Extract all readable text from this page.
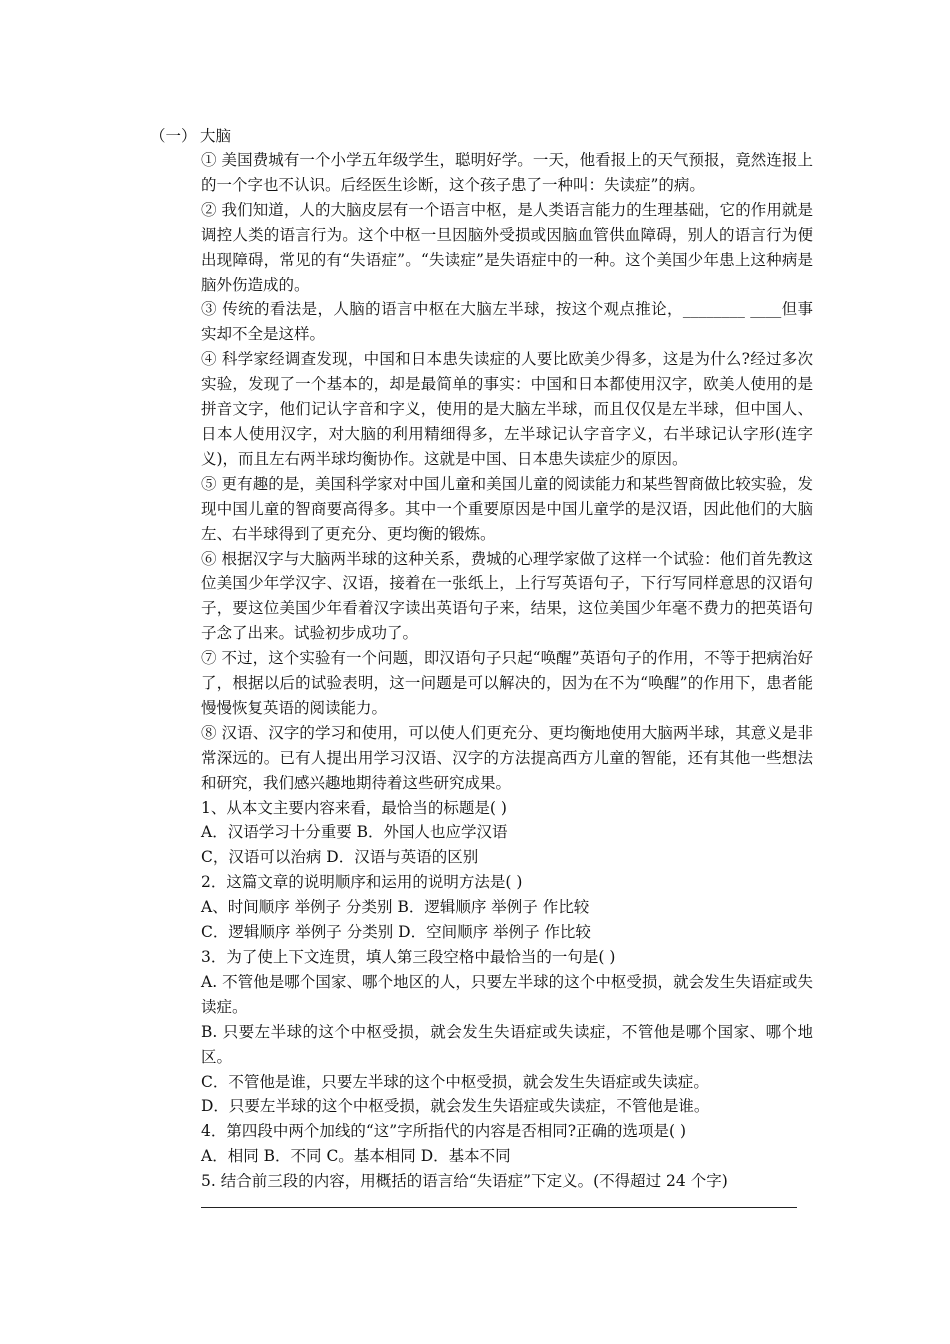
（一） 大脑

① 美国费城有一个小学五年级学生，聪明好学。一天，他看报上的天气预报，竟然连报上的一个字也不认识。后经医生诊断，这个孩子患了一种叫：失读症”的病。

② 我们知道，人的大脑皮层有一个语言中枢，是人类语言能力的生理基础，它的作用就是调控人类的语言行为。这个中枢一旦因脑外受损或因脑血管供血障碍，别人的语言行为便出现障碍，常见的有“失语症”。“失读症”是失语症中的一种。这个美国少年患上这种病是脑外伤造成的。

③ 传统的看法是，人脑的语言中枢在大脑左半球，按这个观点推论，________ ____但事实却不全是这样。

④ 科学家经调查发现，中国和日本患失读症的人要比欧美少得多，这是为什么?经过多次实验，发现了一个基本的，却是最简单的事实：中国和日本都使用汉字，欧美人使用的是拼音文字，他们记认字音和字义，使用的是大脑左半球，而且仅仅是左半球，但中国人、日本人使用汉字，对大脑的利用精细得多，左半球记认字音字义，右半球记认字形(连字义)，而且左右两半球均衡协作。这就是中国、日本患失读症少的原因。

⑤ 更有趣的是，美国科学家对中国儿童和美国儿童的阅读能力和某些智商做比较实验，发现中国儿童的智商要高得多。其中一个重要原因是中国儿童学的是汉语，因此他们的大脑左、右半球得到了更充分、更均衡的锻炼。

⑥ 根据汉字与大脑两半球的这种关系，费城的心理学家做了这样一个试验：他们首先教这位美国少年学汉字、汉语，接着在一张纸上，上行写英语句子，下行写同样意思的汉语句子，要这位美国少年看着汉字读出英语句子来，结果，这位美国少年毫不费力的把英语句子念了出来。试验初步成功了。

⑦ 不过，这个实验有一个问题，即汉语句子只起“唤醒”英语句子的作用，不等于把病治好了，根据以后的试验表明，这一问题是可以解决的，因为在不为“唤醒”的作用下，患者能慢慢恢复英语的阅读能力。

⑧ 汉语、汉字的学习和使用，可以使人们更充分、更均衡地使用大脑两半球，其意义是非常深远的。已有人提出用学习汉语、汉字的方法提高西方儿童的智能，还有其他一些想法和研究，我们感兴趣地期待着这些研究成果。

1、从本文主要内容来看，最恰当的标题是( )

A．汉语学习十分重要 B．外国人也应学汉语

C，汉语可以治病 D．汉语与英语的区别

2．这篇文章的说明顺序和运用的说明方法是( )

A、时间顺序 举例子 分类别 B．逻辑顺序 举例子 作比较

C．逻辑顺序 举例子 分类别 D．空间顺序 举例子 作比较

3．为了使上下文连贯，填人第三段空格中最恰当的一句是( )

A. 不管他是哪个国家、哪个地区的人，只要左半球的这个中枢受损，就会发生失语症或失读症。

B. 只要左半球的这个中枢受损，就会发生失语症或失读症，不管他是哪个国家、哪个地区。

C．不管他是谁，只要左半球的这个中枢受损，就会发生失语症或失读症。

D．只要左半球的这个中枢受损，就会发生失语症或失读症，不管他是谁。

4．第四段中两个加线的“这”字所指代的内容是否相同?正确的选项是( )

A．相同 B．不同 C。基本相同 D．基本不同

5. 结合前三段的内容，用概括的语言给“失语症”下定义。(不得超过 24 个字)
